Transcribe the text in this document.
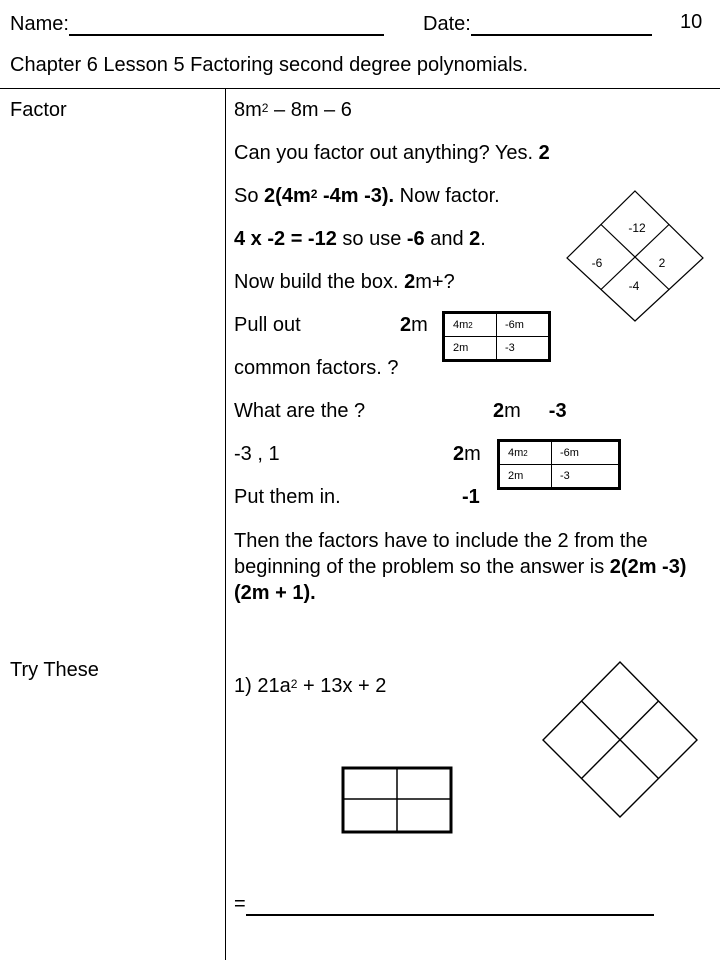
Name:	Date:	10
Chapter 6 Lesson 5 Factoring second degree polynomials.
Factor
Try These
$8m^2 - 8m - 6$
Can you factor out anything? Yes. 2
So $2(4m^2$ -4m -3). Now factor.
4 x -2 = -12 so use -6 and 2.
Now build the box. 2m+?
Pull out	2m
common factors. ?
What are the ?	2m -3
-3 , 1	2m
Put them in.	-1
Then the factors have to include the 2 from the beginning of the problem so the answer is 2(2m -3)(2m + 1).
-12
-6	2
-4
$4m^2$	-6m
2m	-3
$4m^2$	-6m
2m	-3
1) $21a^2 + 13x + 2$
=
